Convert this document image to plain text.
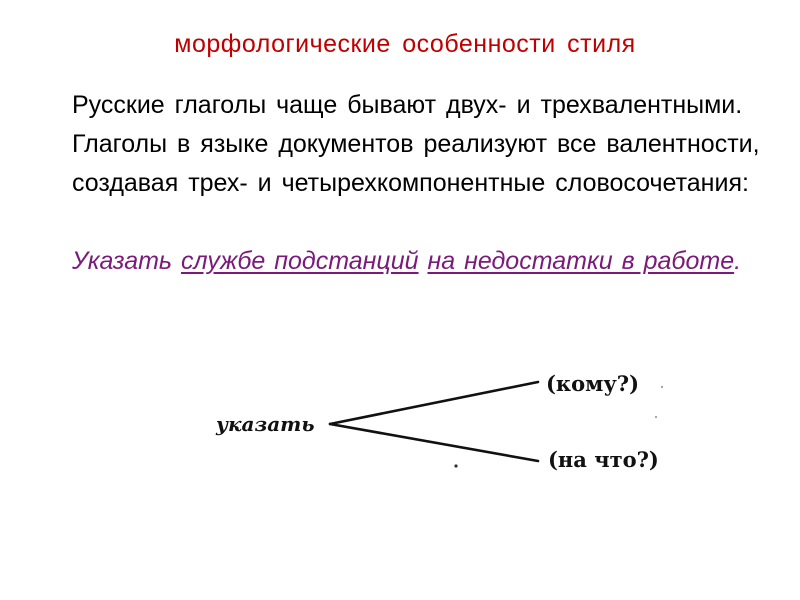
морфологические особенности стиля
Русские глаголы чаще бывают двух- и трехвалентными. Глаголы в языке документов реализуют все валентности, создавая трех- и четырехкомпонентные словосочетания:
Указать службе подстанций на недостатки в работе.
указать
(кому?)
(на что?)
